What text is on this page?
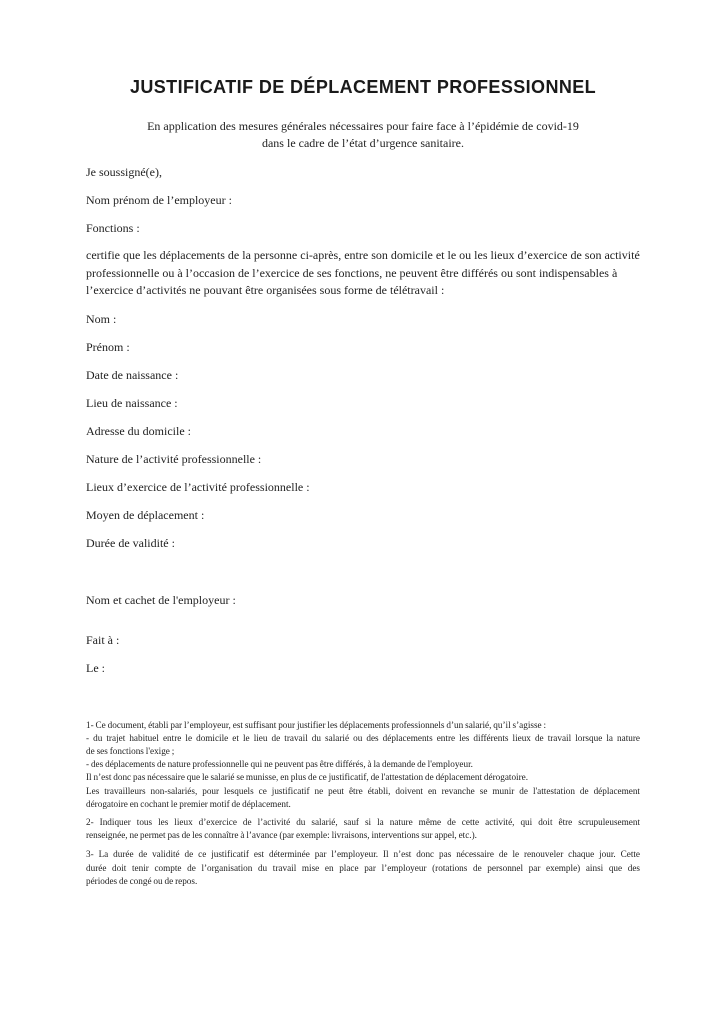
JUSTIFICATIF DE DÉPLACEMENT PROFESSIONNEL
En application des mesures générales nécessaires pour faire face à l’épidémie de covid-19
dans le cadre de l’état d’urgence sanitaire.

Je soussigné(e),

Nom prénom de l’employeur :

Fonctions :

certifie que les déplacements de la personne ci-après, entre son domicile et le ou les lieux d’exercice de son activité professionnelle ou à l’occasion de l’exercice de ses fonctions, ne peuvent être différés ou sont indispensables à l’exercice d’activités ne pouvant être organisées sous forme de télétravail :

Nom :

Prénom :

Date de naissance :

Lieu de naissance :

Adresse du domicile :

Nature de l’activité professionnelle :

Lieux d’exercice de l’activité professionnelle :

Moyen de déplacement :

Durée de validité :

Nom et cachet de l'employeur :

Fait à :

Le :

1- Ce document, établi par l’employeur, est suffisant pour justifier les déplacements professionnels d’un salarié, qu’il s’agisse :

- du trajet habituel entre le domicile et le lieu de travail du salarié ou des déplacements entre les différents lieux de travail lorsque la nature

de ses fonctions l'exige ;

- des déplacements de nature professionnelle qui ne peuvent pas être différés, à la demande de l'employeur.

Il n’est donc pas nécessaire que le salarié se munisse, en plus de ce justificatif, de l'attestation de déplacement dérogatoire.

Les travailleurs non-salariés, pour lesquels ce justificatif ne peut être établi, doivent en revanche se munir de l'attestation de déplacement

dérogatoire en cochant le premier motif de déplacement.

2- Indiquer tous les lieux d’exercice de l’activité du salarié, sauf si la nature même de cette activité, qui doit être scrupuleusement

renseignée, ne permet pas de les connaître à l’avance (par exemple: livraisons, interventions sur appel, etc.).

3- La durée de validité de ce justificatif est déterminée par l’employeur. Il n’est donc pas nécessaire de le renouveler chaque jour. Cette

durée doit tenir compte de l’organisation du travail mise en place par l’employeur (rotations de personnel par exemple) ainsi que des

périodes de congé ou de repos.
